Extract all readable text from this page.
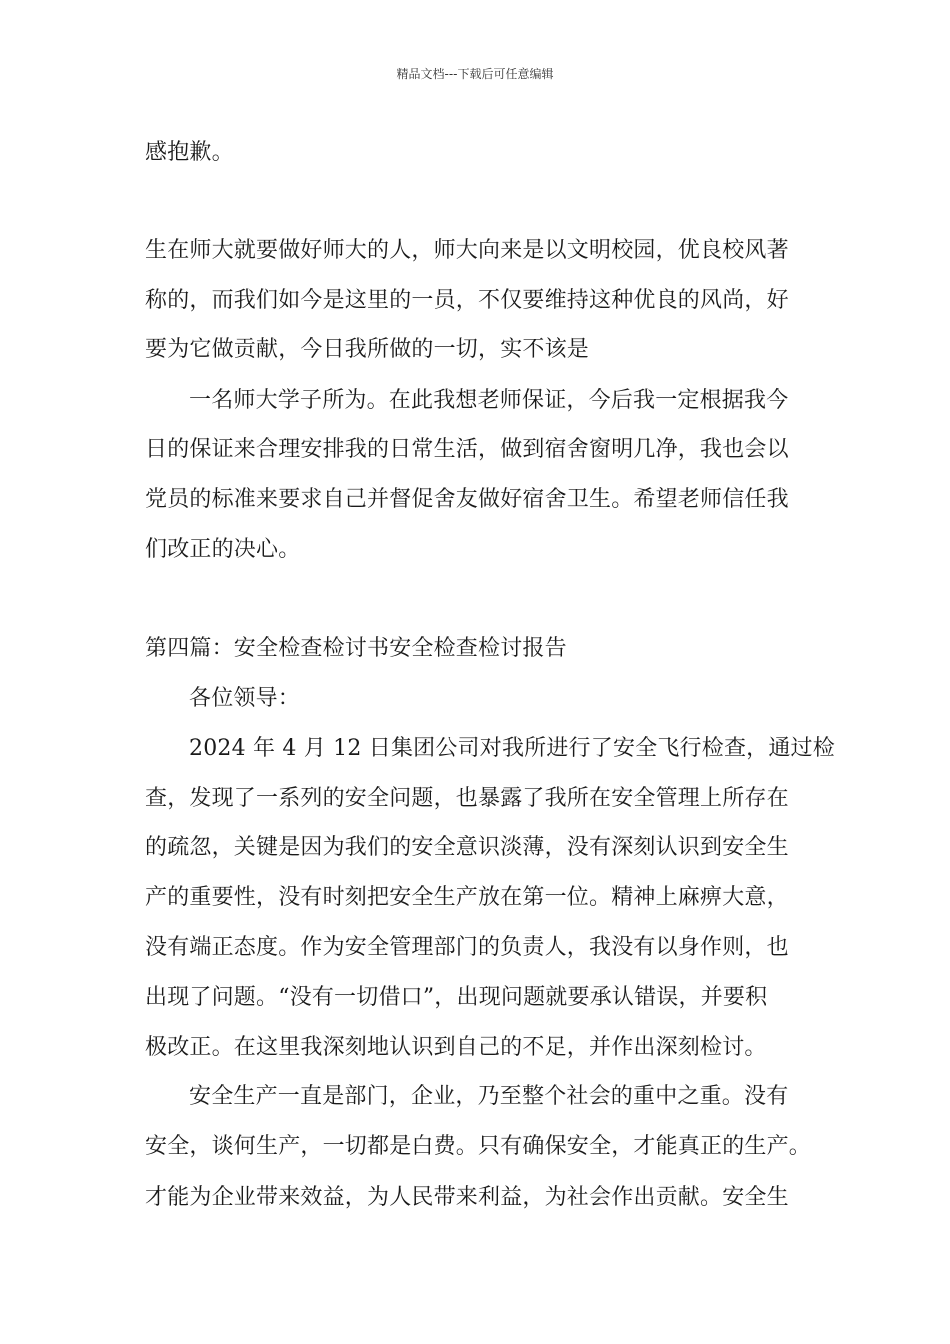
精品文档---下载后可任意编辑
感抱歉。
生在师大就要做好师大的人，师大向来是以文明校园，优良校风著
称的，而我们如今是这里的一员，不仅要维持这种优良的风尚，好
要为它做贡献，今日我所做的一切，实不该是
一名师大学子所为。在此我想老师保证，今后我一定根据我今
日的保证来合理安排我的日常生活，做到宿舍窗明几净，我也会以
党员的标准来要求自己并督促舍友做好宿舍卫生。希望老师信任我
们改正的决心。
第四篇：安全检查检讨书安全检查检讨报告
各位领导：
2024 年 4 月 12 日集团公司对我所进行了安全飞行检查，通过检
查，发现了一系列的安全问题，也暴露了我所在安全管理上所存在
的疏忽，关键是因为我们的安全意识淡薄，没有深刻认识到安全生
产的重要性，没有时刻把安全生产放在第一位。精神上麻痹大意，
没有端正态度。作为安全管理部门的负责人，我没有以身作则，也
出现了问题。“没有一切借口”，出现问题就要承认错误，并要积
极改正。在这里我深刻地认识到自己的不足，并作出深刻检讨。
安全生产一直是部门，企业，乃至整个社会的重中之重。没有
安全，谈何生产，一切都是白费。只有确保安全，才能真正的生产。
才能为企业带来效益，为人民带来利益，为社会作出贡献。安全生
